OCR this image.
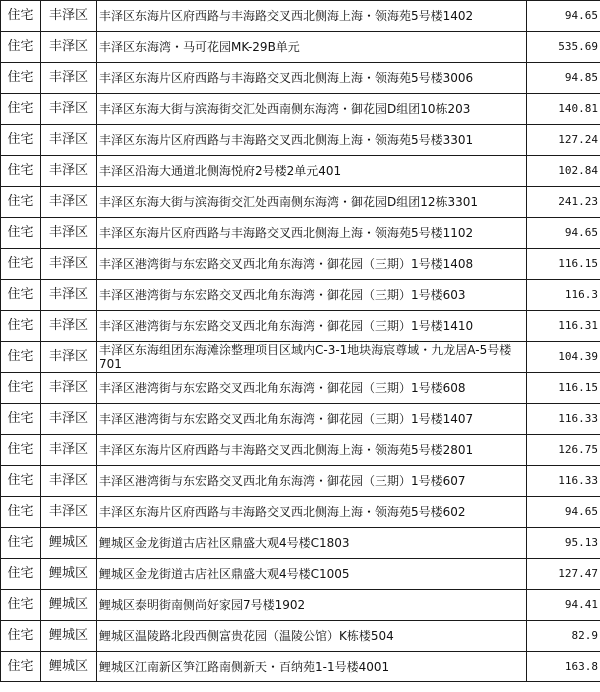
住宅	丰泽区	丰泽区东海片区府西路与丰海路交叉西北侧海上海・领海苑5号楼1402	94.65
住宅	丰泽区	丰泽区东海湾・马可花园MK-29B单元	535.69
住宅	丰泽区	丰泽区东海片区府西路与丰海路交叉西北侧海上海・领海苑5号楼3006	94.85
住宅	丰泽区	丰泽区东海大街与滨海街交汇处西南侧东海湾・御花园D组团10栋203	140.81
住宅	丰泽区	丰泽区东海片区府西路与丰海路交叉西北侧海上海・领海苑5号楼3301	127.24
住宅	丰泽区	丰泽区沿海大通道北侧海悦府2号楼2单元401	102.84
住宅	丰泽区	丰泽区东海大街与滨海街交汇处西南侧东海湾・御花园D组团12栋3301	241.23
住宅	丰泽区	丰泽区东海片区府西路与丰海路交叉西北侧海上海・领海苑5号楼1102	94.65
住宅	丰泽区	丰泽区港湾街与东宏路交叉西北角东海湾・御花园（三期）1号楼1408	116.15
住宅	丰泽区	丰泽区港湾街与东宏路交叉西北角东海湾・御花园（三期）1号楼603	116.3
住宅	丰泽区	丰泽区港湾街与东宏路交叉西北角东海湾・御花园（三期）1号楼1410	116.31
住宅	丰泽区	丰泽区东海组团东海滩涂整理项目区域内C-3-1地块海宸尊域・九龙居A-5号楼701	104.39
住宅	丰泽区	丰泽区港湾街与东宏路交叉西北角东海湾・御花园（三期）1号楼608	116.15
住宅	丰泽区	丰泽区港湾街与东宏路交叉西北角东海湾・御花园（三期）1号楼1407	116.33
住宅	丰泽区	丰泽区东海片区府西路与丰海路交叉西北侧海上海・领海苑5号楼2801	126.75
住宅	丰泽区	丰泽区港湾街与东宏路交叉西北角东海湾・御花园（三期）1号楼607	116.33
住宅	丰泽区	丰泽区东海片区府西路与丰海路交叉西北侧海上海・领海苑5号楼602	94.65
住宅	鲤城区	鲤城区金龙街道古店社区鼎盛大观4号楼C1803	95.13
住宅	鲤城区	鲤城区金龙街道古店社区鼎盛大观4号楼C1005	127.47
住宅	鲤城区	鲤城区泰明街南侧尚好家园7号楼1902	94.41
住宅	鲤城区	鲤城区温陵路北段西侧富贵花园（温陵公馆）K栋楼504	82.9
住宅	鲤城区	鲤城区江南新区笋江路南侧新天・百纳苑1-1号楼4001	163.8
